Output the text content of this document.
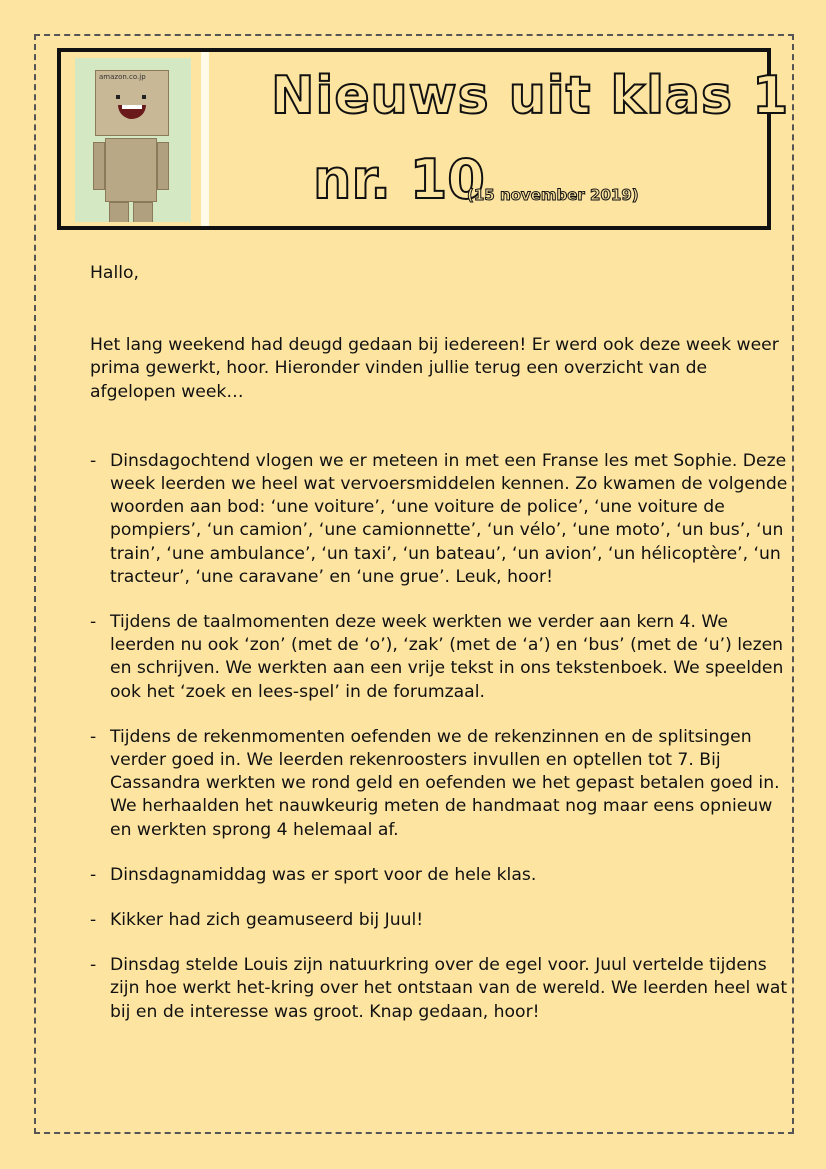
amazon.co.jp Nieuws uit klas 1
nr. 10
(15 november 2019)

Hallo,

Het lang weekend had deugd gedaan bij iedereen! Er werd ook deze week weer prima gewerkt, hoor. Hieronder vinden jullie terug een overzicht van de afgelopen week…

- Dinsdagochtend vlogen we er meteen in met een Franse les met Sophie. Deze week leerden we heel wat vervoersmiddelen kennen. Zo kwamen de volgende woorden aan bod: ‘une voiture’, ‘une voiture de police’, ‘une voiture de pompiers’, ‘un camion’, ‘une camionnette’, ‘un vélo’, ‘une moto’, ‘un bus’, ‘un train’, ‘une ambulance’, ‘un taxi’, ‘un bateau’, ‘un avion’, ‘un hélicoptère’, ‘un tracteur’, ‘une caravane’ en ‘une grue’. Leuk, hoor!
- Tijdens de taalmomenten deze week werkten we verder aan kern 4. We leerden nu ook ‘zon’ (met de ‘o’), ‘zak’ (met de ‘a’) en ‘bus’ (met de ‘u’) lezen en schrijven. We werkten aan een vrije tekst in ons tekstenboek. We speelden ook het ‘zoek en lees-spel’ in de forumzaal.
- Tijdens de rekenmomenten oefenden we de rekenzinnen en de splitsingen verder goed in. We leerden rekenroosters invullen en optellen tot 7. Bij Cassandra werkten we rond geld en oefenden we het gepast betalen goed in. We herhaalden het nauwkeurig meten de handmaat nog maar eens opnieuw en werkten sprong 4 helemaal af.
- Dinsdagnamiddag was er sport voor de hele klas.
- Kikker had zich geamuseerd bij Juul!
- Dinsdag stelde Louis zijn natuurkring over de egel voor. Juul vertelde tijdens zijn hoe werkt het-kring over het ontstaan van de wereld. We leerden heel wat bij en de interesse was groot. Knap gedaan, hoor!
